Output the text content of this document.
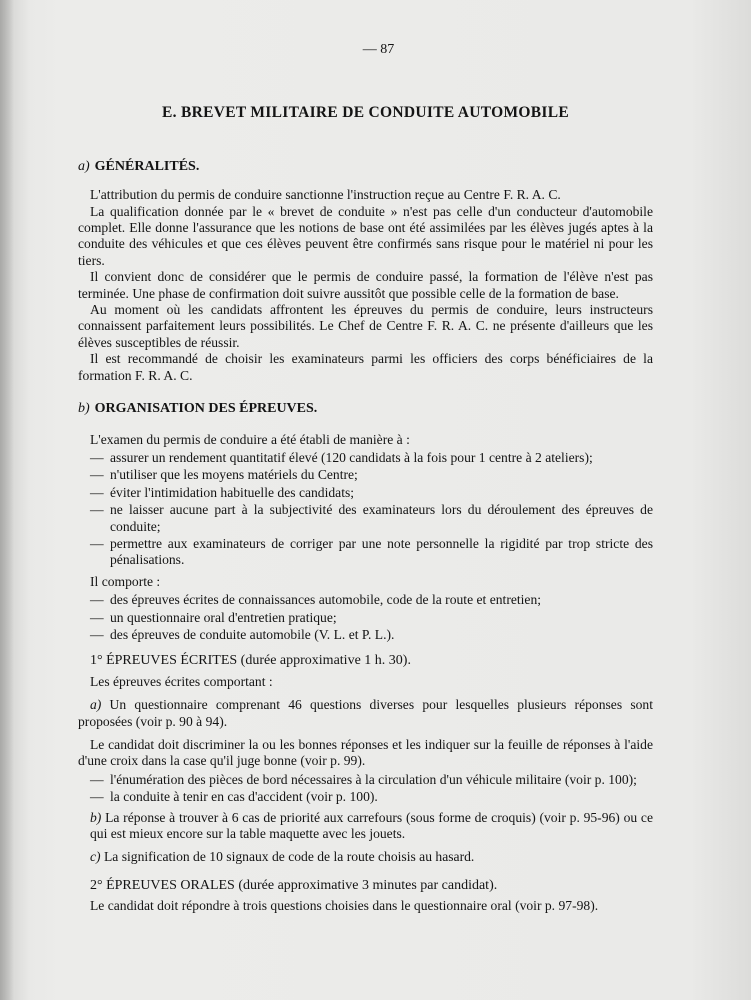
— 87
E. BREVET MILITAIRE DE CONDUITE AUTOMOBILE
a) GÉNÉRALITÉS.

L'attribution du permis de conduire sanctionne l'instruction reçue au Centre F. R. A. C.

La qualification donnée par le « brevet de conduite » n'est pas celle d'un conducteur d'automobile complet. Elle donne l'assurance que les notions de base ont été assimilées par les élèves jugés aptes à la conduite des véhicules et que ces élèves peuvent être confirmés sans risque pour le matériel ni pour les tiers.

Il convient donc de considérer que le permis de conduire passé, la formation de l'élève n'est pas terminée. Une phase de confirmation doit suivre aussitôt que possible celle de la formation de base.

Au moment où les candidats affrontent les épreuves du permis de conduire, leurs instructeurs connaissent parfaitement leurs possibilités. Le Chef de Centre F. R. A. C. ne présente d'ailleurs que les élèves susceptibles de réussir.

Il est recommandé de choisir les examinateurs parmi les officiers des corps bénéficiaires de la formation F. R. A. C.

b) ORGANISATION DES ÉPREUVES.

L'examen du permis de conduire a été établi de manière à :

— assurer un rendement quantitatif élevé (120 candidats à la fois pour 1 centre à 2 ateliers);
— n'utiliser que les moyens matériels du Centre;
— éviter l'intimidation habituelle des candidats;
— ne laisser aucune part à la subjectivité des examinateurs lors du déroulement des épreuves de conduite;
— permettre aux examinateurs de corriger par une note personnelle la rigidité par trop stricte des pénalisations.

Il comporte :

— des épreuves écrites de connaissances automobile, code de la route et entretien;
— un questionnaire oral d'entretien pratique;
— des épreuves de conduite automobile (V. L. et P. L.).
1° ÉPREUVES ÉCRITES (durée approximative 1 h. 30).

Les épreuves écrites comportant :

a) Un questionnaire comprenant 46 questions diverses pour lesquelles plusieurs réponses sont proposées (voir p. 90 à 94).

Le candidat doit discriminer la ou les bonnes réponses et les indiquer sur la feuille de réponses à l'aide d'une croix dans la case qu'il juge bonne (voir p. 99).

— l'énumération des pièces de bord nécessaires à la circulation d'un véhicule militaire (voir p. 100);
— la conduite à tenir en cas d'accident (voir p. 100).

b) La réponse à trouver à 6 cas de priorité aux carrefours (sous forme de croquis) (voir p. 95-96) ou ce qui est mieux encore sur la table maquette avec les jouets.

c) La signification de 10 signaux de code de la route choisis au hasard.

2° ÉPREUVES ORALES (durée approximative 3 minutes par candidat).

Le candidat doit répondre à trois questions choisies dans le questionnaire oral (voir p. 97-98).
